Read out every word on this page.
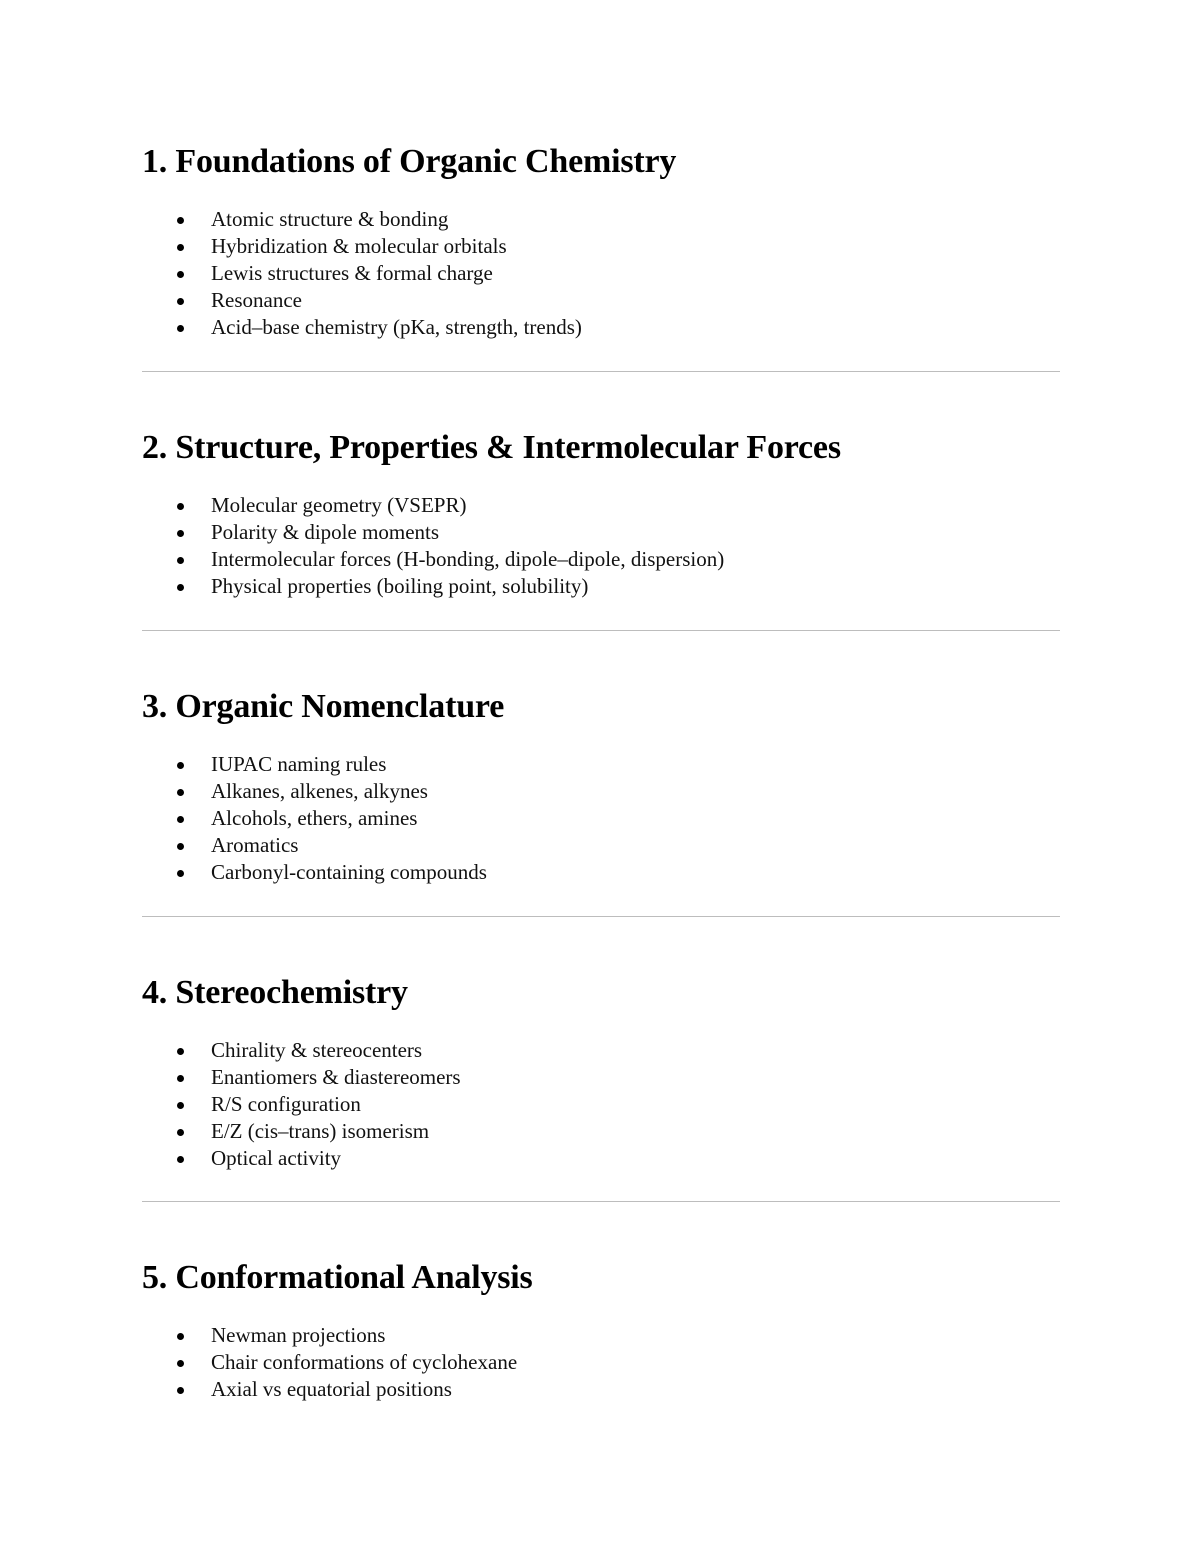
1. Foundations of Organic Chemistry
Atomic structure & bonding
Hybridization & molecular orbitals
Lewis structures & formal charge
Resonance
Acid–base chemistry (pKa, strength, trends)
2. Structure, Properties & Intermolecular Forces
Molecular geometry (VSEPR)
Polarity & dipole moments
Intermolecular forces (H-bonding, dipole–dipole, dispersion)
Physical properties (boiling point, solubility)
3. Organic Nomenclature
IUPAC naming rules
Alkanes, alkenes, alkynes
Alcohols, ethers, amines
Aromatics
Carbonyl-containing compounds
4. Stereochemistry
Chirality & stereocenters
Enantiomers & diastereomers
R/S configuration
E/Z (cis–trans) isomerism
Optical activity
5. Conformational Analysis
Newman projections
Chair conformations of cyclohexane
Axial vs equatorial positions
